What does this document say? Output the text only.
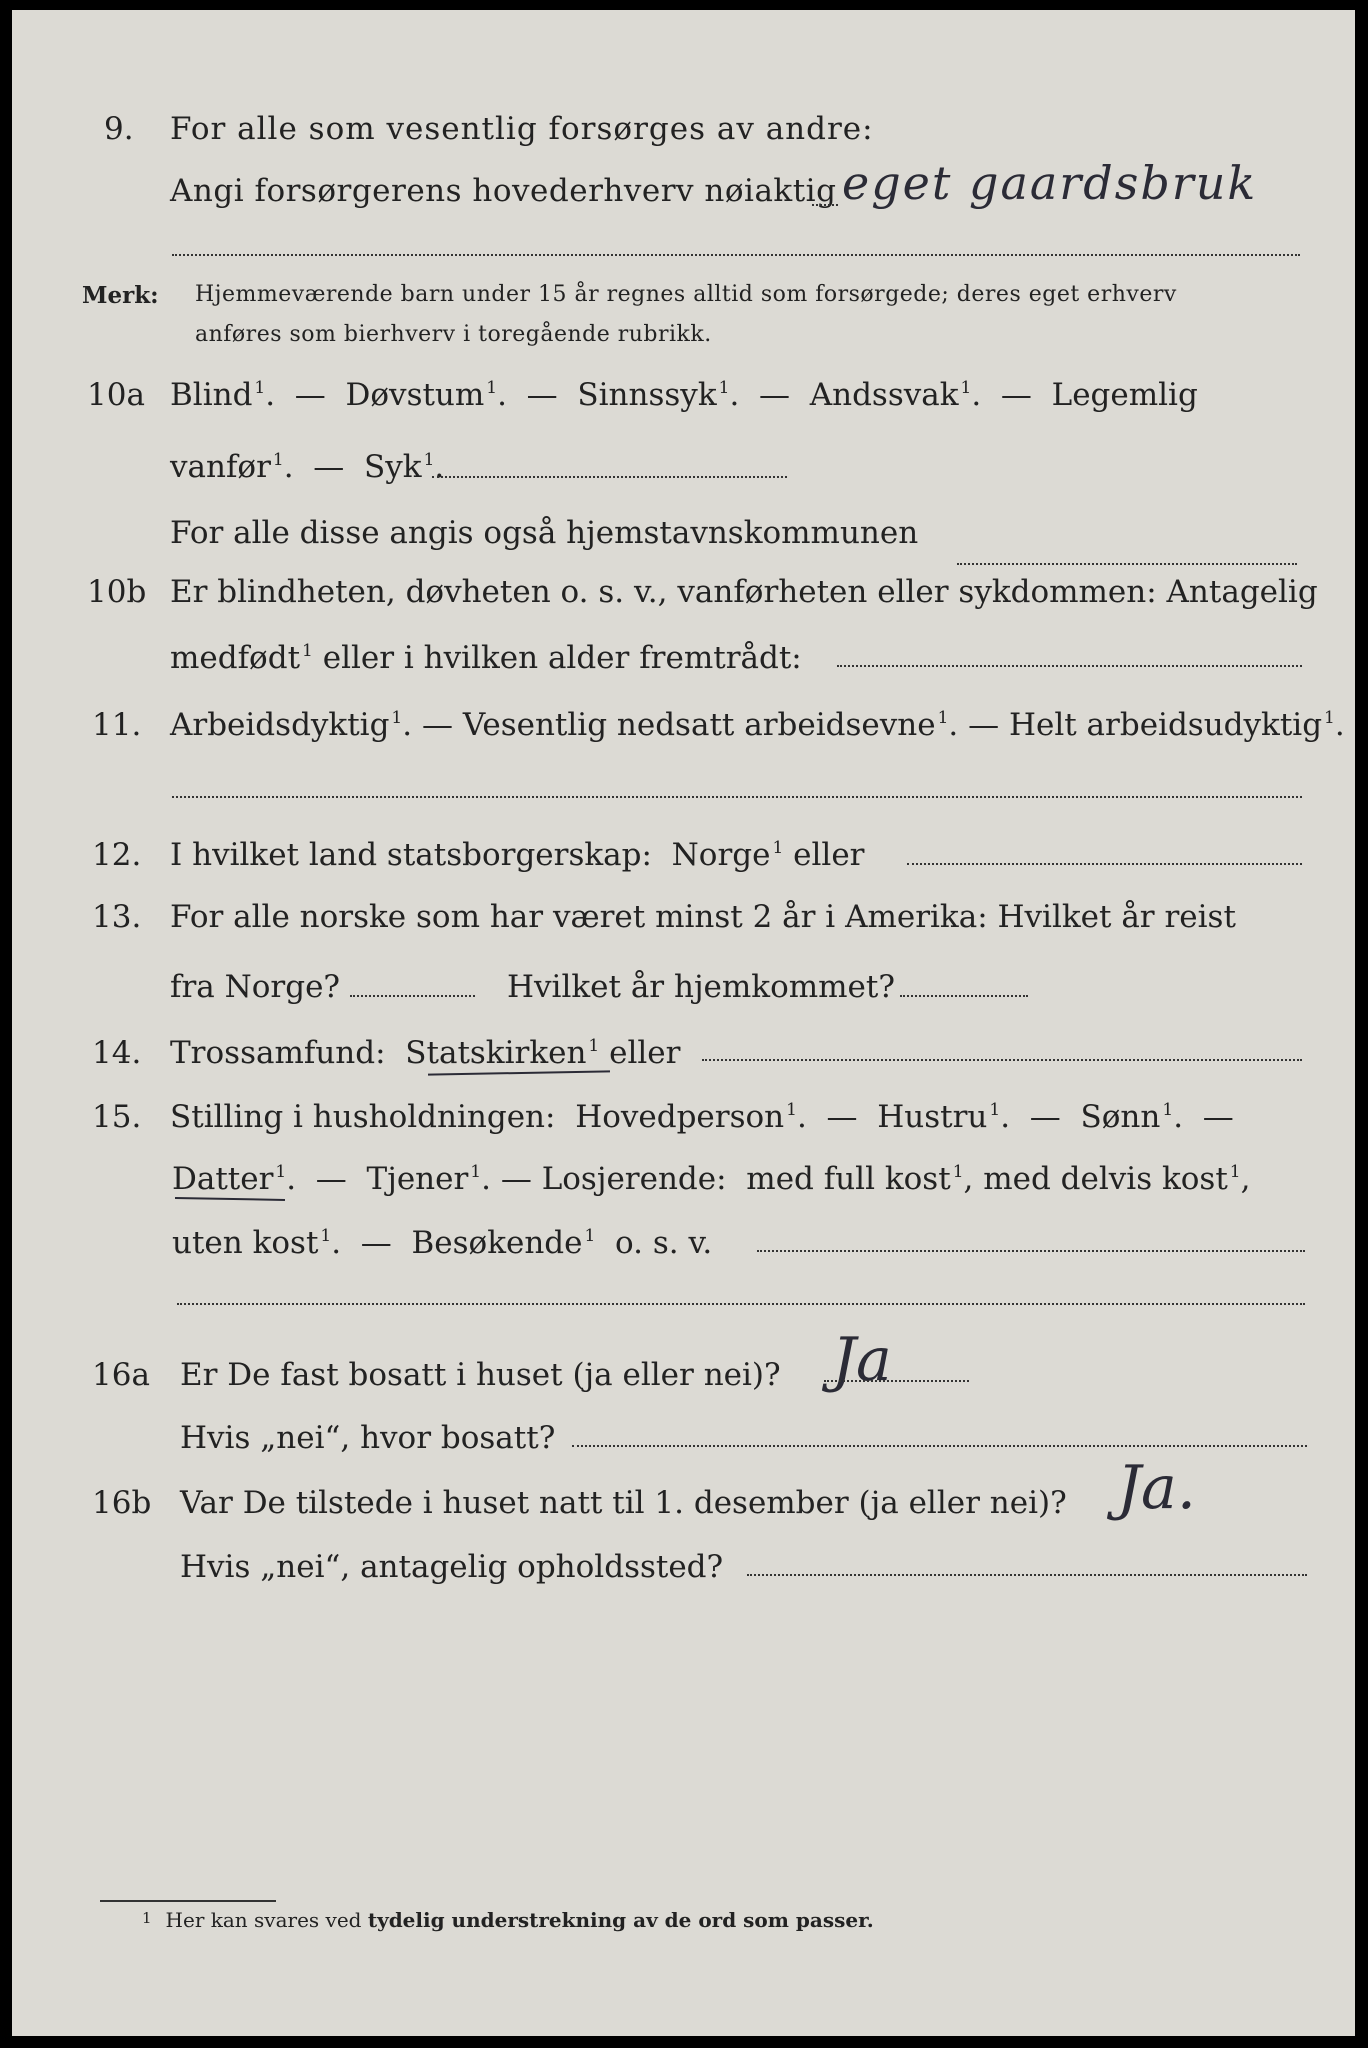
9. For alle som vesentlig forsørges av andre:
Angi forsørgerens hovederhverv nøiaktig eget gaardsbruk
Merk: Hjemmeværende barn under 15 år regnes alltid som forsørgede; deres eget erhverv
anføres som bierhverv i toregående rubrikk.
10a Blind $^1$.  —  Døvstum $^1$.  —  Sinnssyk $^1$.  —  Andssvak $^1$.  —  Legemlig
vanfør $^1$.  —  Syk $^1$.
For alle disse angis også hjemstavnskommunen
10b Er blindheten, døvheten o. s. v., vanførheten eller sykdommen: Antagelig
medfødt $^1$ eller i hvilken alder fremtrådt:
11. Arbeidsdyktig $^1$. — Vesentlig nedsatt arbeidsevne $^1$. — Helt arbeidsudyktig $^1$.
12. I hvilket land statsborgerskap: Norge $^1$ eller
13. For alle norske som har været minst 2 år i Amerika: Hvilket år reist
fra Norge?	Hvilket år hjemkommet?
14. Trossamfund: Statskirken $^1$ eller
15. Stilling i husholdningen: Hovedperson $^1$.  —  Hustru $^1$.  —  Sønn $^1$.  —
Datter $^1$.  —  Tjener $^1$. — Losjerende: med full kost $^1$, med delvis kost $^1$,
uten kost $^1$.  —  Besøkende $^1$ o. s. v.
16a Er De fast bosatt i huset (ja eller nei)? Ja
Hvis „nei“, hvor bosatt?
16b Var De tilstede i huset natt til 1. desember (ja eller nei)? Ja.
Hvis „nei“, antagelig opholdssted?
$^1$ Her kan svares ved tydelig understrekning av de ord som passer.
